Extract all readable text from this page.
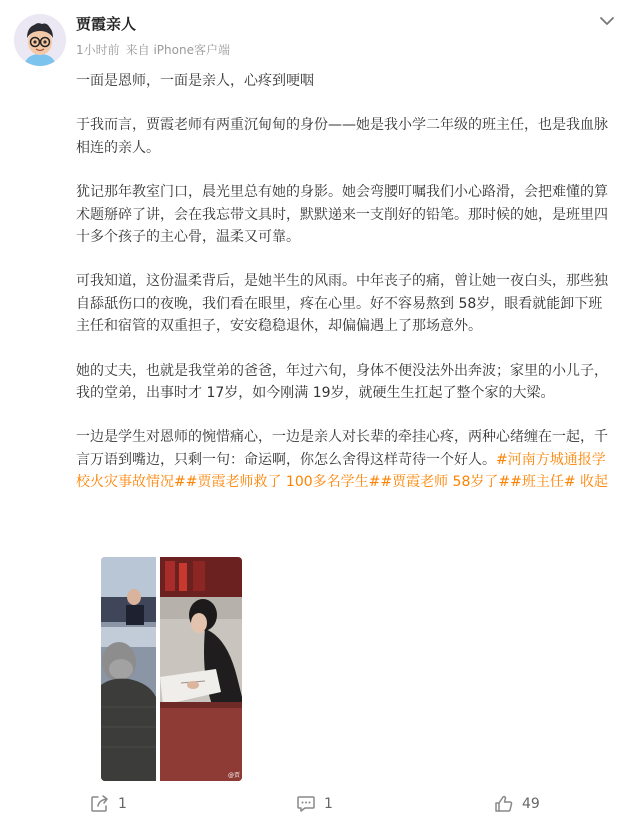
贾霞亲人
1小时前 来自 iPhone客户端

一面是恩师，一面是亲人，心疼到哽咽

于我而言，贾霞老师有两重沉甸甸的身份——她是我小学二年级的班主任，也是我血脉相连的亲人。

犹记那年教室门口，晨光里总有她的身影。她会弯腰叮嘱我们小心路滑，会把难懂的算术题掰碎了讲，会在我忘带文具时，默默递来一支削好的铅笔。那时候的她，是班里四十多个孩子的主心骨，温柔又可靠。

可我知道，这份温柔背后，是她半生的风雨。中年丧子的痛，曾让她一夜白头，那些独自舔舐伤口的夜晚，我们看在眼里，疼在心里。好不容易熬到 58岁，眼看就能卸下班主任和宿管的双重担子，安安稳稳退休，却偏偏遇上了那场意外。

她的丈夫，也就是我堂弟的爸爸，年过六旬，身体不便没法外出奔波；家里的小儿子，我的堂弟，出事时才 17岁，如今刚满 19岁，就硬生生扛起了整个家的大梁。

一边是学生对恩师的惋惜痛心，一边是亲人对长辈的牵挂心疼，两种心绪缠在一起，千言万语到嘴边，只剩一句：命运啊，你怎么舍得这样苛待一个好人。#河南方城通报学校火灾事故情况##贾霞老师救了 100多名学生##贾霞老师 58岁了##班主任# 收起

@贾
1	1	49
